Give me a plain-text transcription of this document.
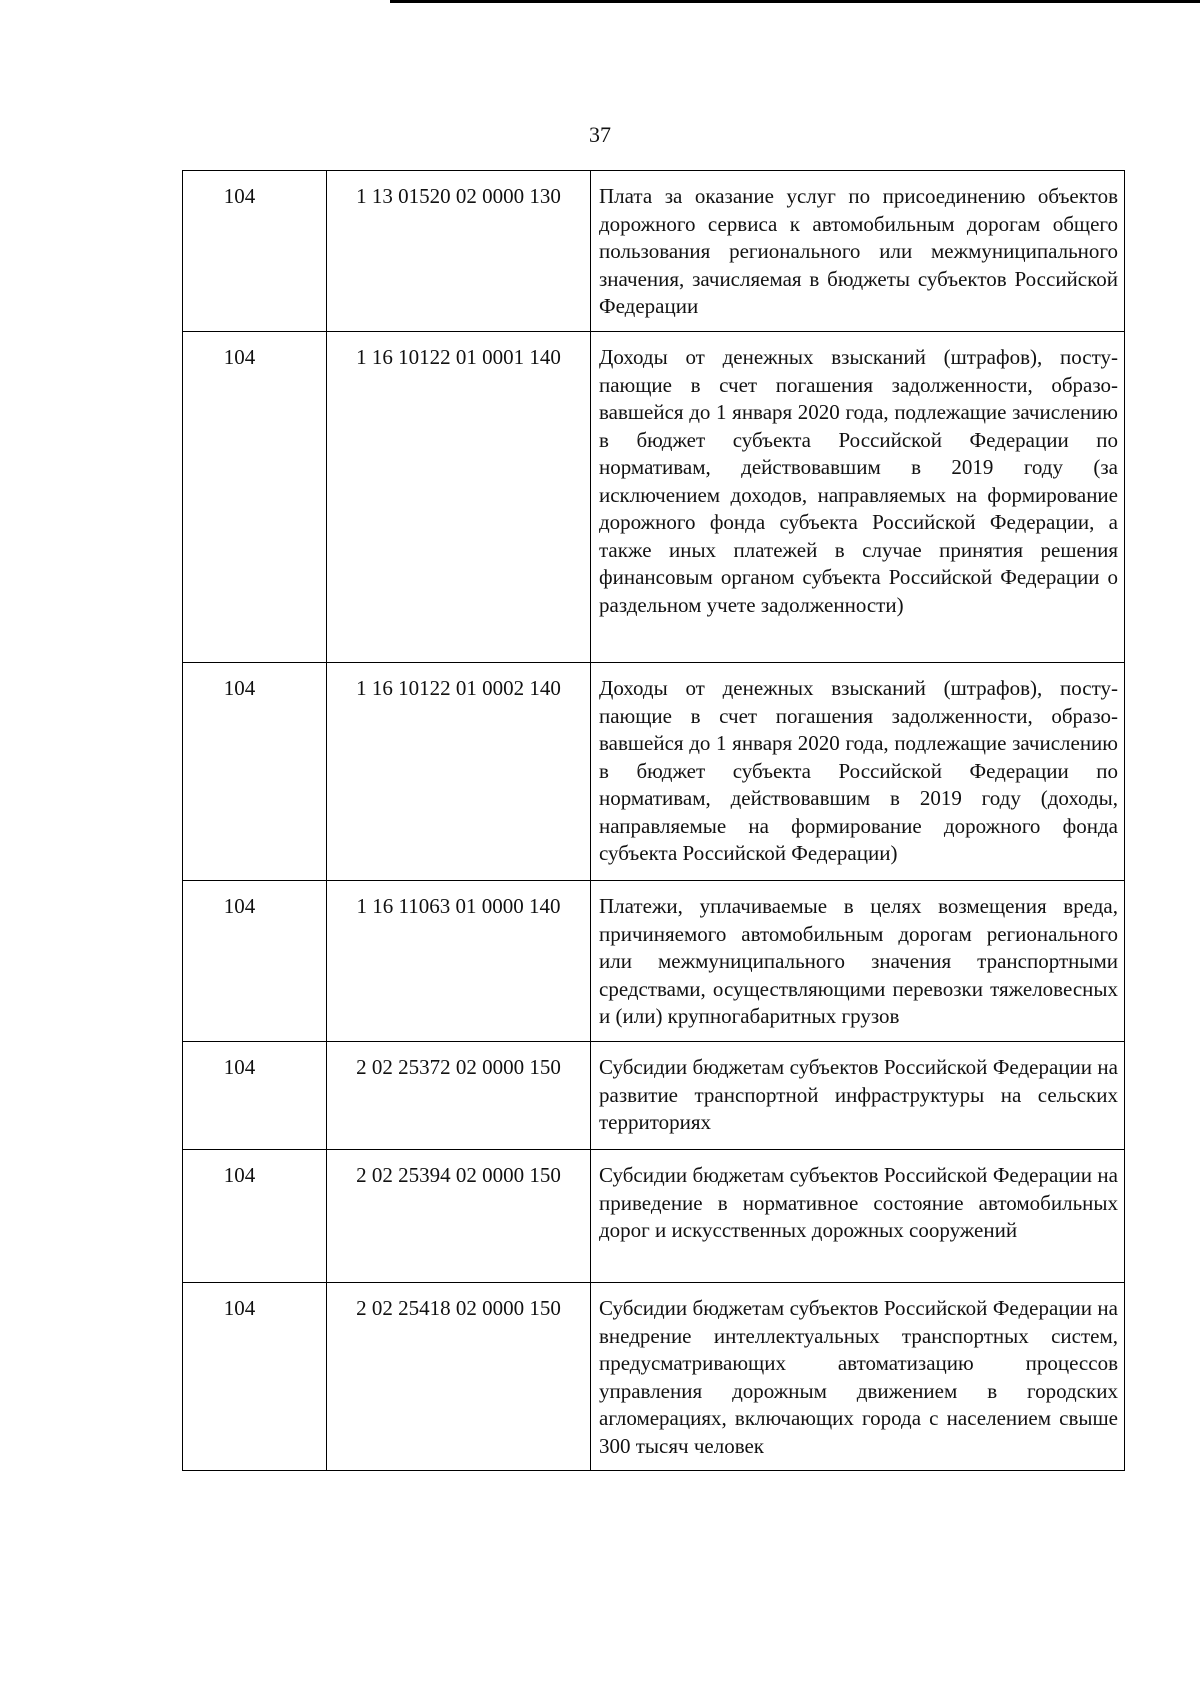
37
104	1 13 01520 02 0000 130	Плата за оказание услуг по присоединению объектов дорожного сервиса к автомобильным дорогам общего пользования регионального или межмуниципального значения, зачисляемая в бюджеты субъектов Российской Федерации
104	1 16 10122 01 0001 140	Доходы от денежных взысканий (штрафов), поступающие в счет погашения задолженности, образовавшейся до 1 января 2020 года, подлежащие зачислению в бюджет субъекта Российской Федерации по нормативам, действовавшим в 2019 году (за исключением доходов, направляемых на формирование дорожного фонда субъекта Российской Федерации, а также иных платежей в случае принятия решения финансовым органом субъекта Российской Федерации о раздельном учете задолженности)
104	1 16 10122 01 0002 140	Доходы от денежных взысканий (штрафов), поступающие в счет погашения задолженности, образовавшейся до 1 января 2020 года, подлежащие зачислению в бюджет субъекта Российской Федерации по нормативам, действовавшим в 2019 году (доходы, направляемые на формирование дорожного фонда субъекта Российской Федерации)
104	1 16 11063 01 0000 140	Платежи, уплачиваемые в целях возмещения вреда, причиняемого автомобильным дорогам регионального или межмуниципального значения транспортными средствами, осуществляющими перевозки тяжеловесных и (или) крупногабаритных грузов
104	2 02 25372 02 0000 150	Субсидии бюджетам субъектов Российской Федерации на развитие транспортной инфраструктуры на сельских территориях
104	2 02 25394 02 0000 150	Субсидии бюджетам субъектов Российской Федерации на приведение в нормативное состояние автомобильных дорог и искусственных дорожных сооружений
104	2 02 25418 02 0000 150	Субсидии бюджетам субъектов Российской Федерации на внедрение интеллектуальных транспортных систем, предусматривающих автоматизацию процессов управления дорожным движением в городских агломерациях, включающих города с населением свыше 300 тысяч человек
